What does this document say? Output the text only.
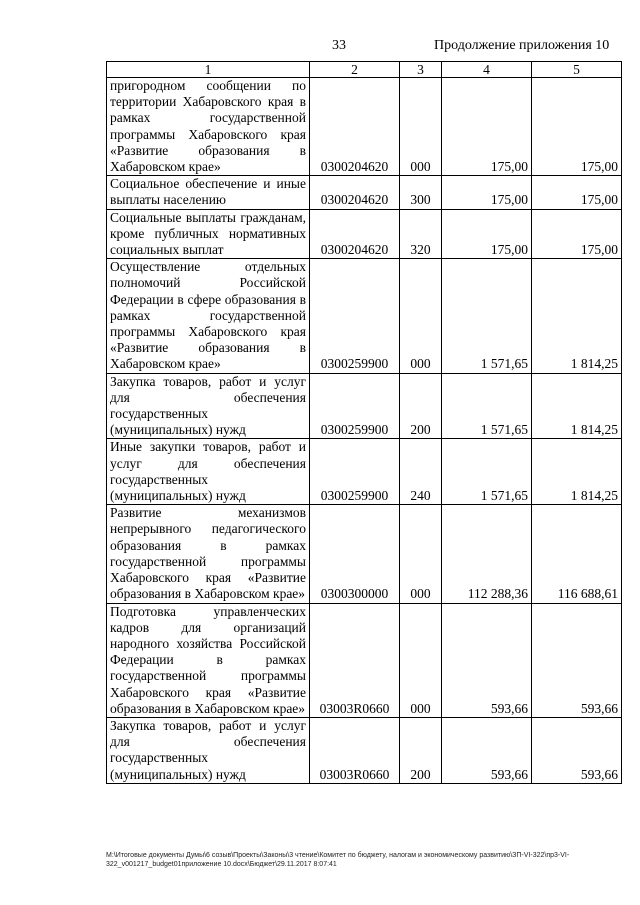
33	Продолжение приложения 10
1	2	3	4	5
пригородном сообщении по территории Хабаровского края в рамках государственной программы Хабаровского края «Развитие образования в Хабаровском крае»	0300204620	000	175,00	175,00
Социальное обеспечение и иные выплаты населению	0300204620	300	175,00	175,00
Социальные выплаты гражданам, кроме публичных нормативных социальных выплат	0300204620	320	175,00	175,00
Осуществление отдельных полномочий Российской Федерации в сфере образования в рамках государственной программы Хабаровского края «Развитие образования в Хабаровском крае»	0300259900	000	1 571,65	1 814,25
Закупка товаров, работ и услуг для обеспечения государственных (муниципальных) нужд	0300259900	200	1 571,65	1 814,25
Иные закупки товаров, работ и услуг для обеспечения государственных (муниципальных) нужд	0300259900	240	1 571,65	1 814,25
Развитие механизмов непрерывного педагогического образования в рамках государственной программы Хабаровского края «Развитие образования в Хабаровском крае»	0300300000	000	112 288,36	116 688,61
Подготовка управленческих кадров для организаций народного хозяйства Российской Федерации в рамках государственной программы Хабаровского края «Развитие образования в Хабаровском крае»	03003R0660	000	593,66	593,66
Закупка товаров, работ и услуг для обеспечения государственных (муниципальных) нужд	03003R0660	200	593,66	593,66
M:\Итоговые документы Думы\6 созыв\Проекты\Законы\3 чтение\Комитет по бюджету, налогам и экономическому развитию\ЗП-VI-322\пр3-VI-322_v001217_budget01приложение 10.docx\Бюджет\29.11.2017 8:07:41
